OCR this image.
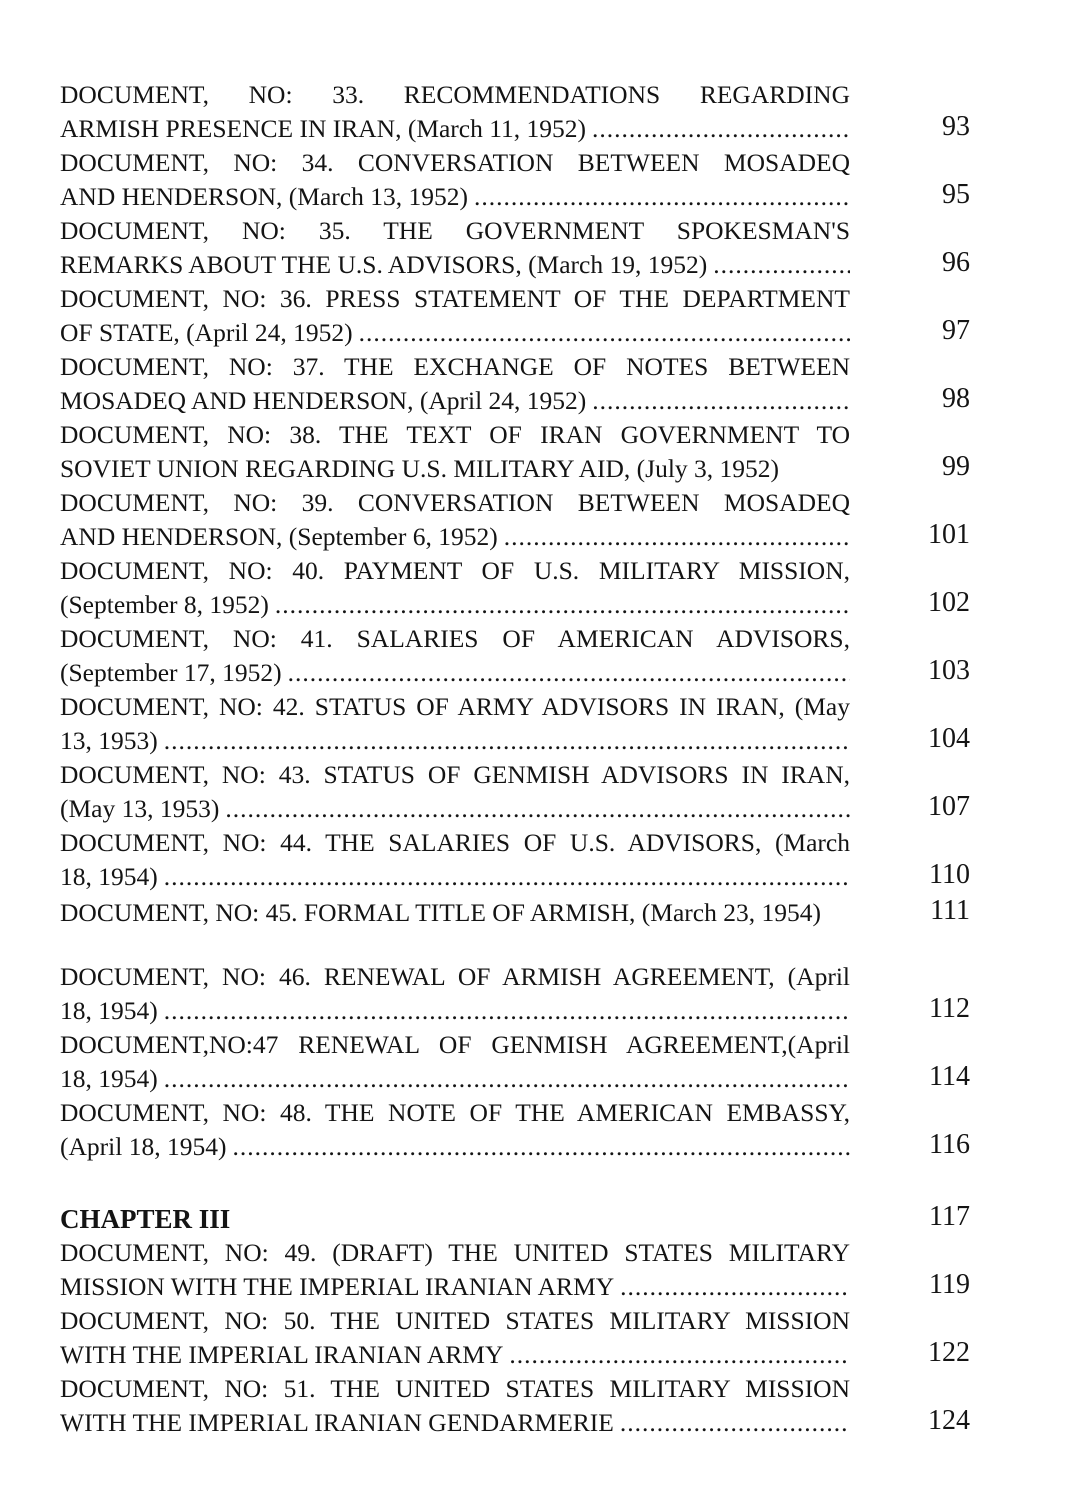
DOCUMENT, NO: 33. RECOMMENDATIONS REGARDING
ARMISH PRESENCE IN IRAN, (March 11, 1952) .....	93
DOCUMENT, NO: 34. CONVERSATION BETWEEN MOSADEQ
AND HENDERSON, (March 13, 1952) .....	95
DOCUMENT, NO: 35. THE GOVERNMENT SPOKESMAN'S
REMARKS ABOUT THE U.S. ADVISORS, (March 19, 1952) .....	96
DOCUMENT, NO: 36. PRESS STATEMENT OF THE DEPARTMENT
OF STATE, (April 24, 1952) .....	97
DOCUMENT, NO: 37. THE EXCHANGE OF NOTES BETWEEN
MOSADEQ AND HENDERSON, (April 24, 1952) .....	98
DOCUMENT, NO: 38. THE TEXT OF IRAN GOVERNMENT TO
SOVIET UNION REGARDING U.S. MILITARY AID, (July 3, 1952)	99
DOCUMENT, NO: 39. CONVERSATION BETWEEN MOSADEQ
AND HENDERSON, (September 6, 1952) .....	101
DOCUMENT, NO: 40. PAYMENT OF U.S. MILITARY MISSION,
(September 8, 1952) .....	102
DOCUMENT, NO: 41. SALARIES OF AMERICAN ADVISORS,
(September 17, 1952) .....	103
DOCUMENT, NO: 42. STATUS OF ARMY ADVISORS IN IRAN, (May
13, 1953) .....	104
DOCUMENT, NO: 43. STATUS OF GENMISH ADVISORS IN IRAN,
(May 13, 1953) .....	107
DOCUMENT, NO: 44. THE SALARIES OF U.S. ADVISORS, (March
18, 1954) .....	110
DOCUMENT, NO: 45. FORMAL TITLE OF ARMISH, (March 23, 1954)	111
DOCUMENT, NO: 46. RENEWAL OF ARMISH AGREEMENT, (April
18, 1954) .....	112
DOCUMENT,NO:47 RENEWAL OF GENMISH AGREEMENT,(April
18, 1954) .....	114
DOCUMENT, NO: 48. THE NOTE OF THE AMERICAN EMBASSY,
(April 18, 1954) .....	116
CHAPTER III	117
DOCUMENT, NO: 49. (DRAFT) THE UNITED STATES MILITARY
MISSION WITH THE IMPERIAL IRANIAN ARMY .....	119
DOCUMENT, NO: 50. THE UNITED STATES MILITARY MISSION
WITH THE IMPERIAL IRANIAN ARMY .....	122
DOCUMENT, NO: 51. THE UNITED STATES MILITARY MISSION
WITH THE IMPERIAL IRANIAN GENDARMERIE .....	124
